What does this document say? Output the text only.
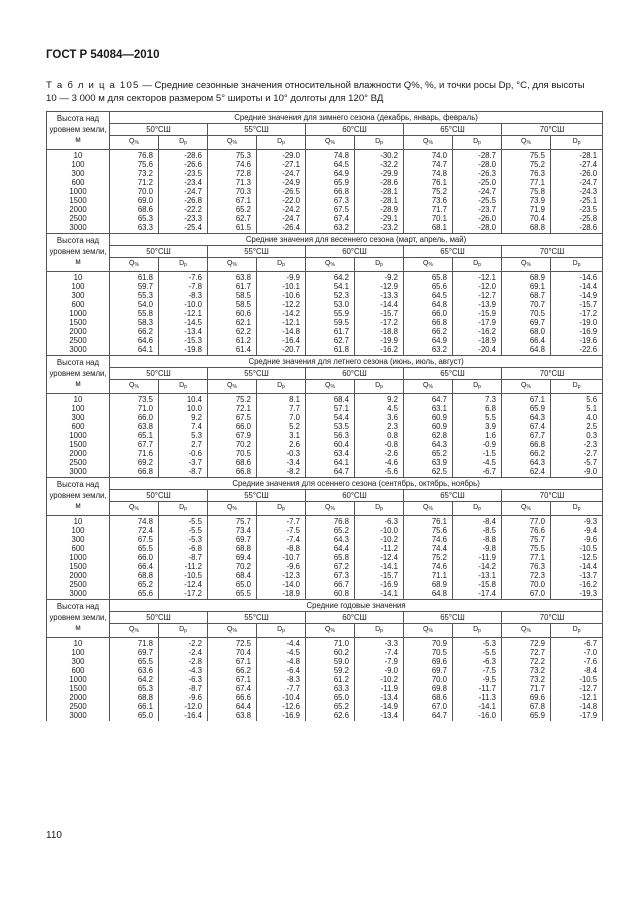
ГОСТ Р 54084—2010
Т а б л и ц а 105 — Средние сезонные значения относительной влажности Q%, %, и точки росы Dp, °C, для высоты 10 — 3 000 м для секторов размером 5° широты и 10° долготы для 120° ВД
Высота над уровнем земли, м	Средние значения для зимнего сезона (декабрь, январь, февраль)									
	50°СШ		55°СШ		60°СШ		65°СШ		70°СШ	
	$Q_{\%}$	$D_p$	$Q_{\%}$	$D_p$	$Q_{\%}$	$D_p$	$Q_{\%}$	$D_p$	$Q_{\%}$	$D_p$
10	76.8	-28.6	75.3	-29.0	74.8	-30.2	74.0	-28.7	75.5	-28.1
100	75.6	-26.6	74.6	-27.1	64.5	-32.2	74.7	-28.0	75.2	-27.4
300	73.2	-23.5	72.8	-24.7	64.9	-29.9	74.8	-26.3	76.3	-26.0
600	71.2	-23.4	71.3	-24.9	65.9	-28.6	76.1	-25.0	77.1	-24.7
1000	70.0	-24.7	70.3	-26.5	66.8	-28.1	75.2	-24.7	75.8	-24.3
1500	69.0	-26.8	67.1	-22.0	67.3	-28.1	73.6	-25.5	73.9	-25.1
2000	68.6	-22.2	65.2	-24.2	67.5	-28.9	71.7	-23.7	71.9	-23.5
2500	65.3	-23.3	62.7	-24.7	67.4	-29.1	70.1	-26.0	70.4	-25.8
3000	63.3	-25.4	61.5	-26.4	63.2	-23.2	68.1	-28.0	68.8	-28.6
Высота над уровнем земли, м	Средние значения для весеннего сезона (март, апрель, май)									
	50°СШ		55°СШ		60°СШ		65°СШ		70°СШ	
	$Q_{\%}$	$D_p$	$Q_{\%}$	$D_p$	$Q_{\%}$	$D_p$	$Q_{\%}$	$D_p$	$Q_{\%}$	$D_p$
10	61.8	-7.6	63.8	-9.9	64.2	-9.2	65.8	-12.1	68.9	-14.6
100	59.7	-7.8	61.7	-10.1	54.1	-12.9	65.6	-12.0	69.1	-14.4
300	55.3	-8.3	58.5	-10.6	52.3	-13.3	64.5	-12.7	68.7	-14.9
600	54.0	-10.0	58.5	-12.2	53.0	-14.4	64.8	-13.9	70.7	-15.7
1000	55.8	-12.1	60.6	-14.2	55.9	-15.7	66.0	-15.9	70.5	-17.2
1500	58.3	-14.5	62.1	-12.1	59.5	-17.2	66.8	-17.9	69.7	-19.0
2000	66.2	-13.4	62.2	-14.8	61.7	-18.8	66.2	-16.2	68.0	-16.9
2500	64.6	-15.3	61.2	-16.4	62.7	-19.9	64.9	-18.9	66.4	-19.6
3000	64.1	-19.8	61.4	-20.7	61.8	-16.2	63.2	-20.4	64.8	-22.6
Высота над уровнем земли, м	Средние значения для летнего сезона (июнь, июль, август)									
	50°СШ		55°СШ		60°СШ		65°СШ		70°СШ	
	$Q_{\%}$	$D_p$	$Q_{\%}$	$D_p$	$Q_{\%}$	$D_p$	$Q_{\%}$	$D_p$	$Q_{\%}$	$D_p$
10	73.5	10.4	75.2	8.1	68.4	9.2	64.7	7.3	67.1	5.6
100	71.0	10.0	72.1	7.7	57.1	4.5	63.1	6.8	65.9	5.1
300	66.0	9.2	67.5	7.0	54.4	3.6	60.9	5.5	64.3	4.0
600	63.8	7.4	66.0	5.2	53.5	2.3	60.9	3.9	67.4	2.5
1000	65.1	5.3	67.9	3.1	56.3	0.8	62.8	1.6	67.7	0.3
1500	67.7	2.7	70.2	2.6	60.4	-0.8	64.3	-0.9	66.8	-2.3
2000	71.6	-0.6	70.5	-0.3	63.4	-2.6	65.2	-1.5	66.2	-2.7
2500	69.2	-3.7	68.6	-3.4	64.1	-4.6	63.9	-4.5	64.3	-5.7
3000	66.8	-8.7	66.8	-8.2	64.7	-5.6	62.5	-6.7	62.4	-9.0
Высота над уровнем земли, м	Средние значения для осеннего сезона (сентябрь, октябрь, ноябрь)									
	50°СШ		55°СШ		60°СШ		65°СШ		70°СШ	
	$Q_{\%}$	$D_p$	$Q_{\%}$	$D_p$	$Q_{\%}$	$D_p$	$Q_{\%}$	$D_p$	$Q_{\%}$	$D_p$
10	74.8	-5.5	75.7	-7.7	76.8	-6.3	76.1	-8.4	77.0	-9.3
100	72.4	-5.5	73.4	-7.5	65.2	-10.0	75.6	-8.5	76.6	-9.4
300	67.5	-5.3	69.7	-7.4	64.3	-10.2	74.6	-8.8	75.7	-9.6
600	65.5	-6.8	68.8	-8.8	64.4	-11.2	74.4	-9.8	75.5	-10.5
1000	66.0	-8.7	69.4	-10.7	65.8	-12.4	75.2	-11.9	77.1	-12.5
1500	66.4	-11.2	70.2	-9.6	67.2	-14.1	74.6	-14.2	76.3	-14.4
2000	68.8	-10.5	68.4	-12.3	67.3	-15.7	71.1	-13.1	72.3	-13.7
2500	65.2	-12.4	65.0	-14.0	66.7	-16.9	68.9	-15.8	70.0	-16.2
3000	65.6	-17.2	65.5	-18.9	60.8	-14.1	64.8	-17.4	67.0	-19.3
Высота над уровнем земли, м	Средние годовые значения									
	50°СШ		55°СШ		60°СШ		65°СШ		70°СШ	
	$Q_{\%}$	$D_p$	$Q_{\%}$	$D_p$	$Q_{\%}$	$D_p$	$Q_{\%}$	$D_p$	$Q_{\%}$	$D_p$
10	71.8	-2.2	72.5	-4.4	71.0	-3.3	70.9	-5.3	72.9	-6.7
100	69.7	-2.4	70.4	-4.5	60.2	-7.4	70.5	-5.5	72.7	-7.0
300	65.5	-2.8	67.1	-4.8	59.0	-7.9	69.6	-6.3	72.2	-7.6
600	63.6	-4.3	66.2	-6.4	59.2	-9.0	69.7	-7.5	73.2	-8.4
1000	64.2	-6.3	67.1	-8.3	61.2	-10.2	70.0	-9.5	73.2	-10.5
1500	65.3	-8.7	67.4	-7.7	63.3	-11.9	69.8	-11.7	71.7	-12.7
2000	68.8	-9.6	66.6	-10.4	65.0	-13.4	68.6	-11.3	69.6	-12.1
2500	66.1	-12.0	64.4	-12.6	65.2	-14.9	67.0	-14.1	67.8	-14.8
3000	65.0	-16.4	63.8	-16.9	62.6	-13.4	64.7	-16.0	65.9	-17.9
110
